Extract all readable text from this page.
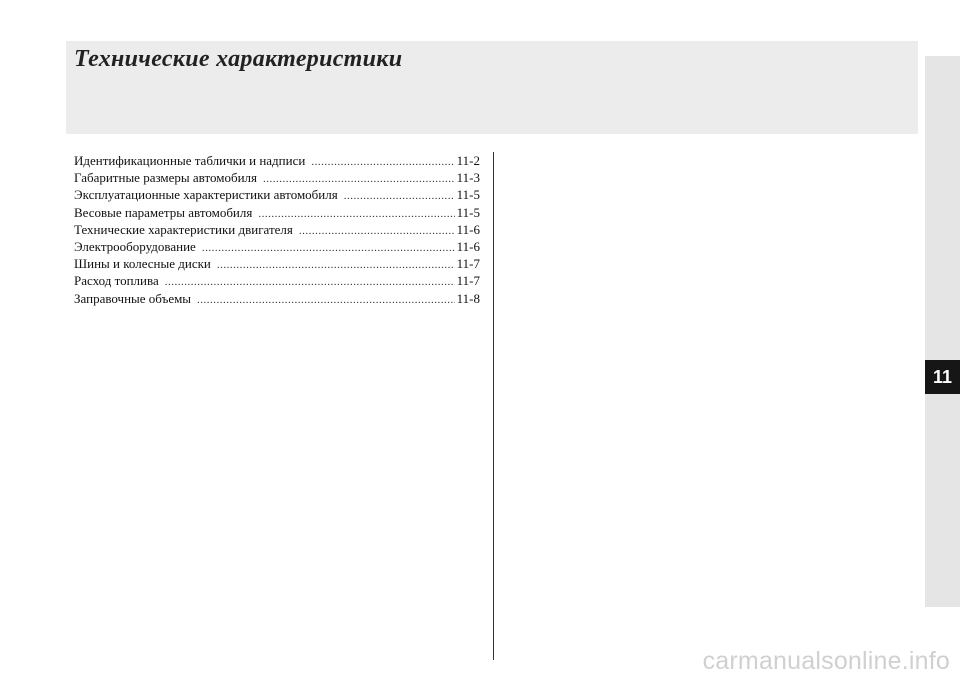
Технические характеристики
Идентификационные таблички и надписи .....	11-2
Габаритные размеры автомобиля .....	11-3
Эксплуатационные характеристики автомобиля .....	11-5
Весовые параметры автомобиля .....	11-5
Технические характеристики двигателя .....	11-6
Электрооборудование .....	11-6
Шины и колесные диски .....	11-7
Расход топлива .....	11-7
Заправочные объемы .....	11-8
11
carmanualsonline.info
